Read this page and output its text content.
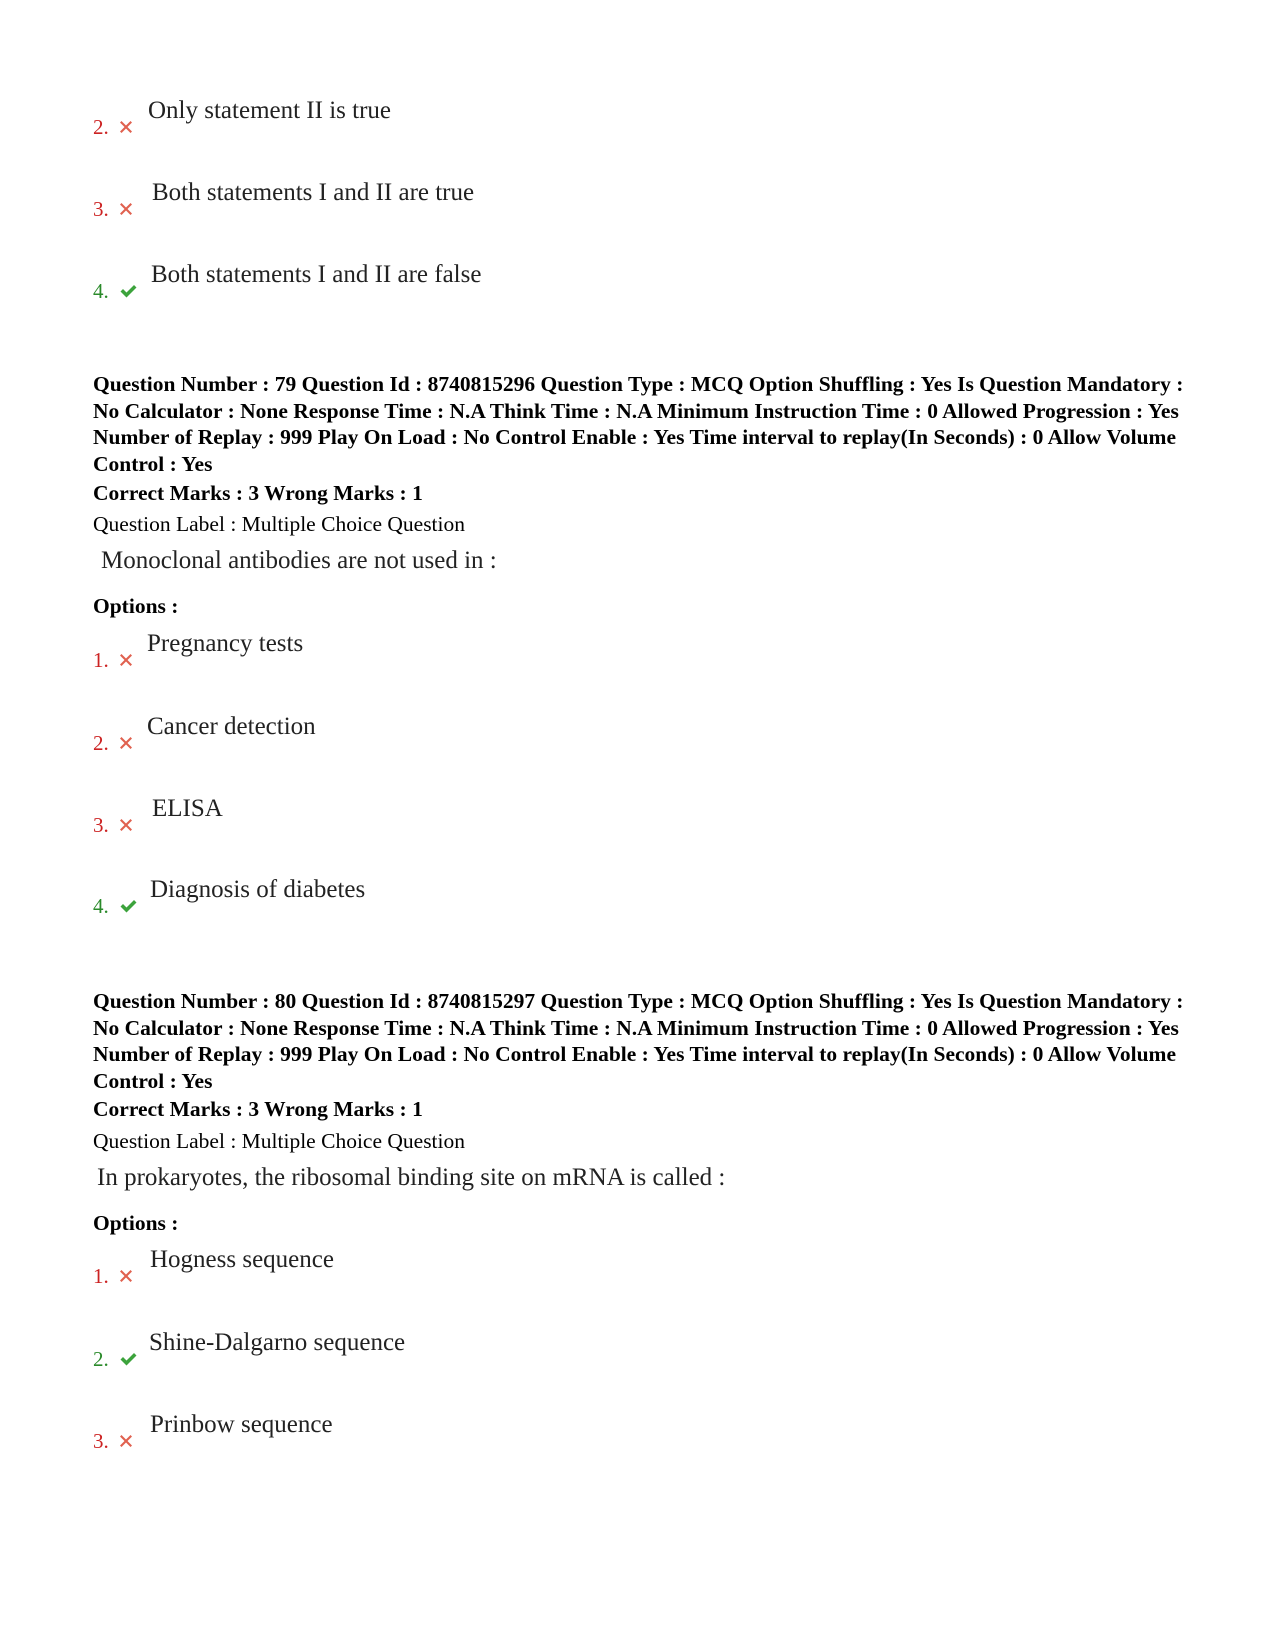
2.
Only statement II is true
3.
Both statements I and II are true
4.
Both statements I and II are false
Question Number : 79 Question Id : 8740815296 Question Type : MCQ Option Shuffling : Yes Is Question Mandatory : No Calculator : None Response Time : N.A Think Time : N.A Minimum Instruction Time : 0 Allowed Progression : Yes Number of Replay : 999 Play On Load : No Control Enable : Yes Time interval to replay(In Seconds) : 0 Allow Volume Control : Yes
Correct Marks : 3 Wrong Marks : 1
Question Label : Multiple Choice Question
Monoclonal antibodies are not used in :
Options :
1.
Pregnancy tests
2.
Cancer detection
3.
ELISA
4.
Diagnosis of diabetes
Question Number : 80 Question Id : 8740815297 Question Type : MCQ Option Shuffling : Yes Is Question Mandatory : No Calculator : None Response Time : N.A Think Time : N.A Minimum Instruction Time : 0 Allowed Progression : Yes Number of Replay : 999 Play On Load : No Control Enable : Yes Time interval to replay(In Seconds) : 0 Allow Volume Control : Yes
Correct Marks : 3 Wrong Marks : 1
Question Label : Multiple Choice Question
In prokaryotes, the ribosomal binding site on mRNA is called :
Options :
1.
Hogness sequence
2.
Shine-Dalgarno sequence
3.
Prinbow sequence
